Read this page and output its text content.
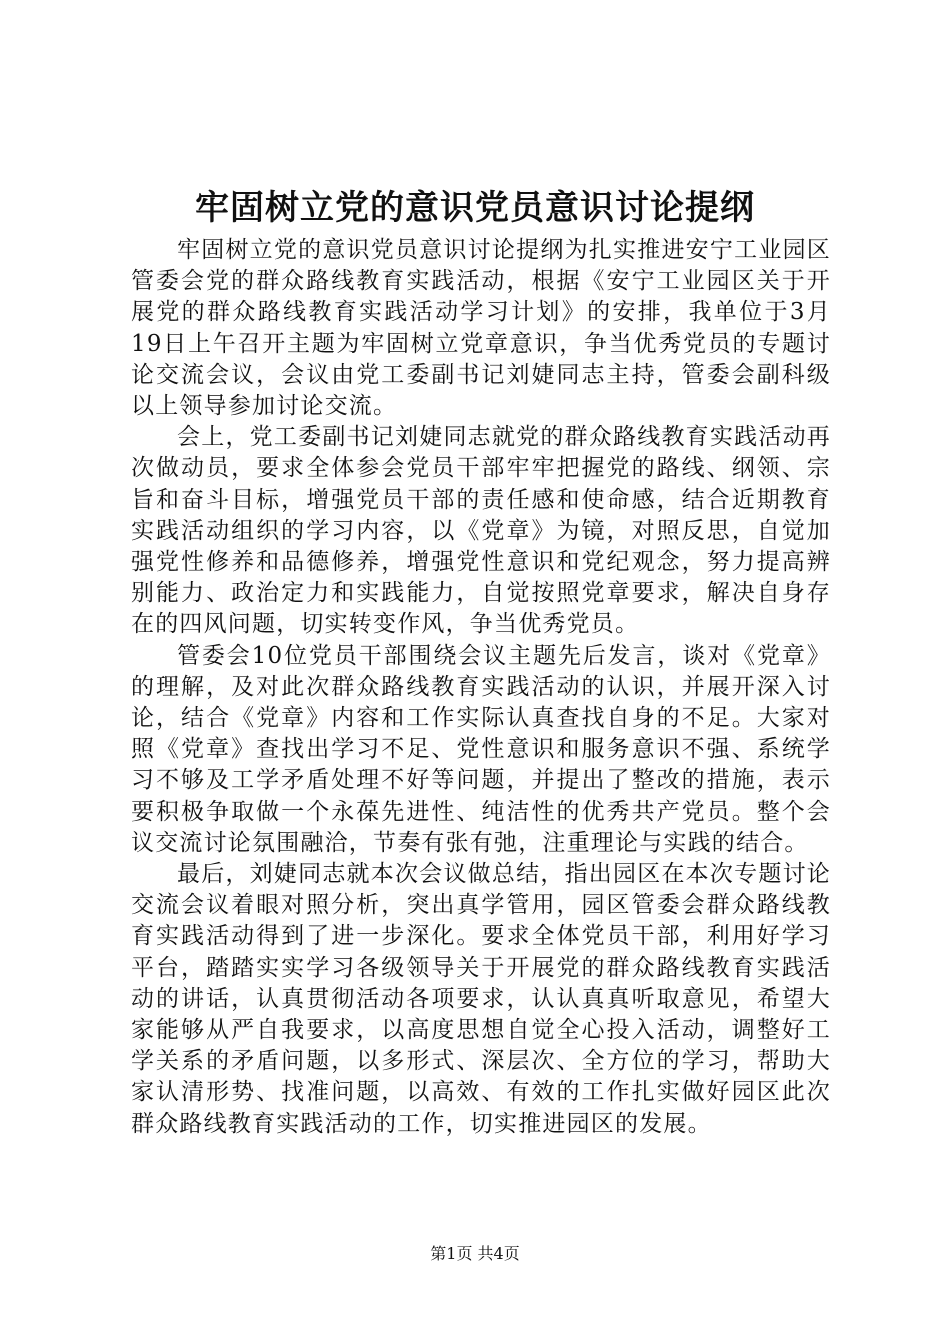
牢固树立党的意识党员意识讨论提纲

牢固树立党的意识党员意识讨论提纲为扎实推进安宁工业园区管委会党的群众路线教育实践活动，根据《安宁工业园区关于开展党的群众路线教育实践活动学习计划》的安排，我单位于3月19日上午召开主题为牢固树立党章意识，争当优秀党员的专题讨论交流会议，会议由党工委副书记刘婕同志主持，管委会副科级以上领导参加讨论交流。

会上，党工委副书记刘婕同志就党的群众路线教育实践活动再次做动员，要求全体参会党员干部牢牢把握党的路线、纲领、宗旨和奋斗目标，增强党员干部的责任感和使命感，结合近期教育实践活动组织的学习内容，以《党章》为镜，对照反思，自觉加强党性修养和品德修养，增强党性意识和党纪观念，努力提高辨别能力、政治定力和实践能力，自觉按照党章要求，解决自身存在的四风问题，切实转变作风，争当优秀党员。

管委会10位党员干部围绕会议主题先后发言，谈对《党章》的理解，及对此次群众路线教育实践活动的认识，并展开深入讨论，结合《党章》内容和工作实际认真查找自身的不足。大家对照《党章》查找出学习不足、党性意识和服务意识不强、系统学习不够及工学矛盾处理不好等问题，并提出了整改的措施，表示要积极争取做一个永葆先进性、纯洁性的优秀共产党员。整个会议交流讨论氛围融洽，节奏有张有弛，注重理论与实践的结合。

最后，刘婕同志就本次会议做总结，指出园区在本次专题讨论交流会议着眼对照分析，突出真学管用，园区管委会群众路线教育实践活动得到了进一步深化。要求全体党员干部，利用好学习平台，踏踏实实学习各级领导关于开展党的群众路线教育实践活动的讲话，认真贯彻活动各项要求，认认真真听取意见，希望大家能够从严自我要求，以高度思想自觉全心投入活动，调整好工学关系的矛盾问题，以多形式、深层次、全方位的学习，帮助大家认清形势、找准问题，以高效、有效的工作扎实做好园区此次群众路线教育实践活动的工作，切实推进园区的发展。

第1页 共4页
